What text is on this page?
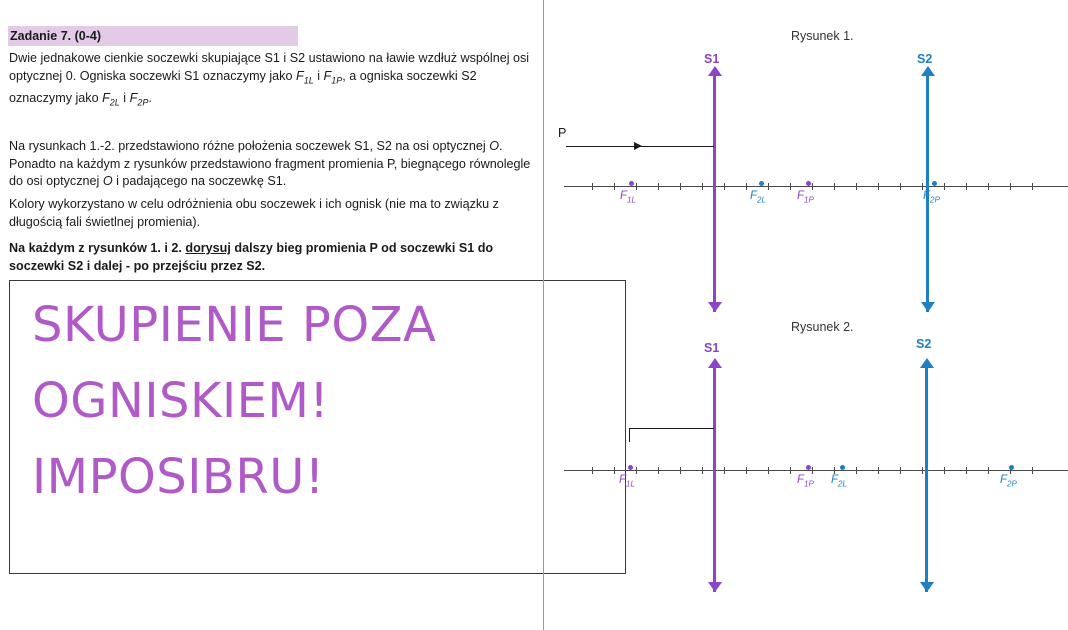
Zadanie 7. (0-4)
Dwie jednakowe cienkie soczewki skupiające S1 i S2 ustawiono na ławie wzdłuż wspólnej osi optycznej 0. Ogniska soczewki S1 oznaczymy jako $F_{1L}$ i $F_{1P}$, a ogniska soczewki S2 oznaczymy jako $F_{2L}$ i $F_{2P}$.
Na rysunkach 1.-2. przedstawiono różne położenia soczewek S1, S2 na osi optycznej O. Ponadto na każdym z rysunków przedstawiono fragment promienia P, biegnącego równolegle do osi optycznej O i padającego na soczewkę S1.
Kolory wykorzystano w celu odróżnienia obu soczewek i ich ognisk (nie ma to związku z długością fali świetlnej promienia).
Na każdym z rysunków 1. i 2. dorysuj dalszy bieg promienia P od soczewki S1 do soczewki S2 i dalej - po przejściu przez S2.
SKUPIENIE POZA
OGNISKIEM!
IMPOSIBRU!
Rysunek 1.
S1	S2
$F_{1L}$	$F_{2L}$	$F_{1P}$	$F_{2P}$
P
Rysunek 2.
S1	S2
$F_{1L}$	$F_{1P}$ $F_{2L}$	$F_{2P}$
